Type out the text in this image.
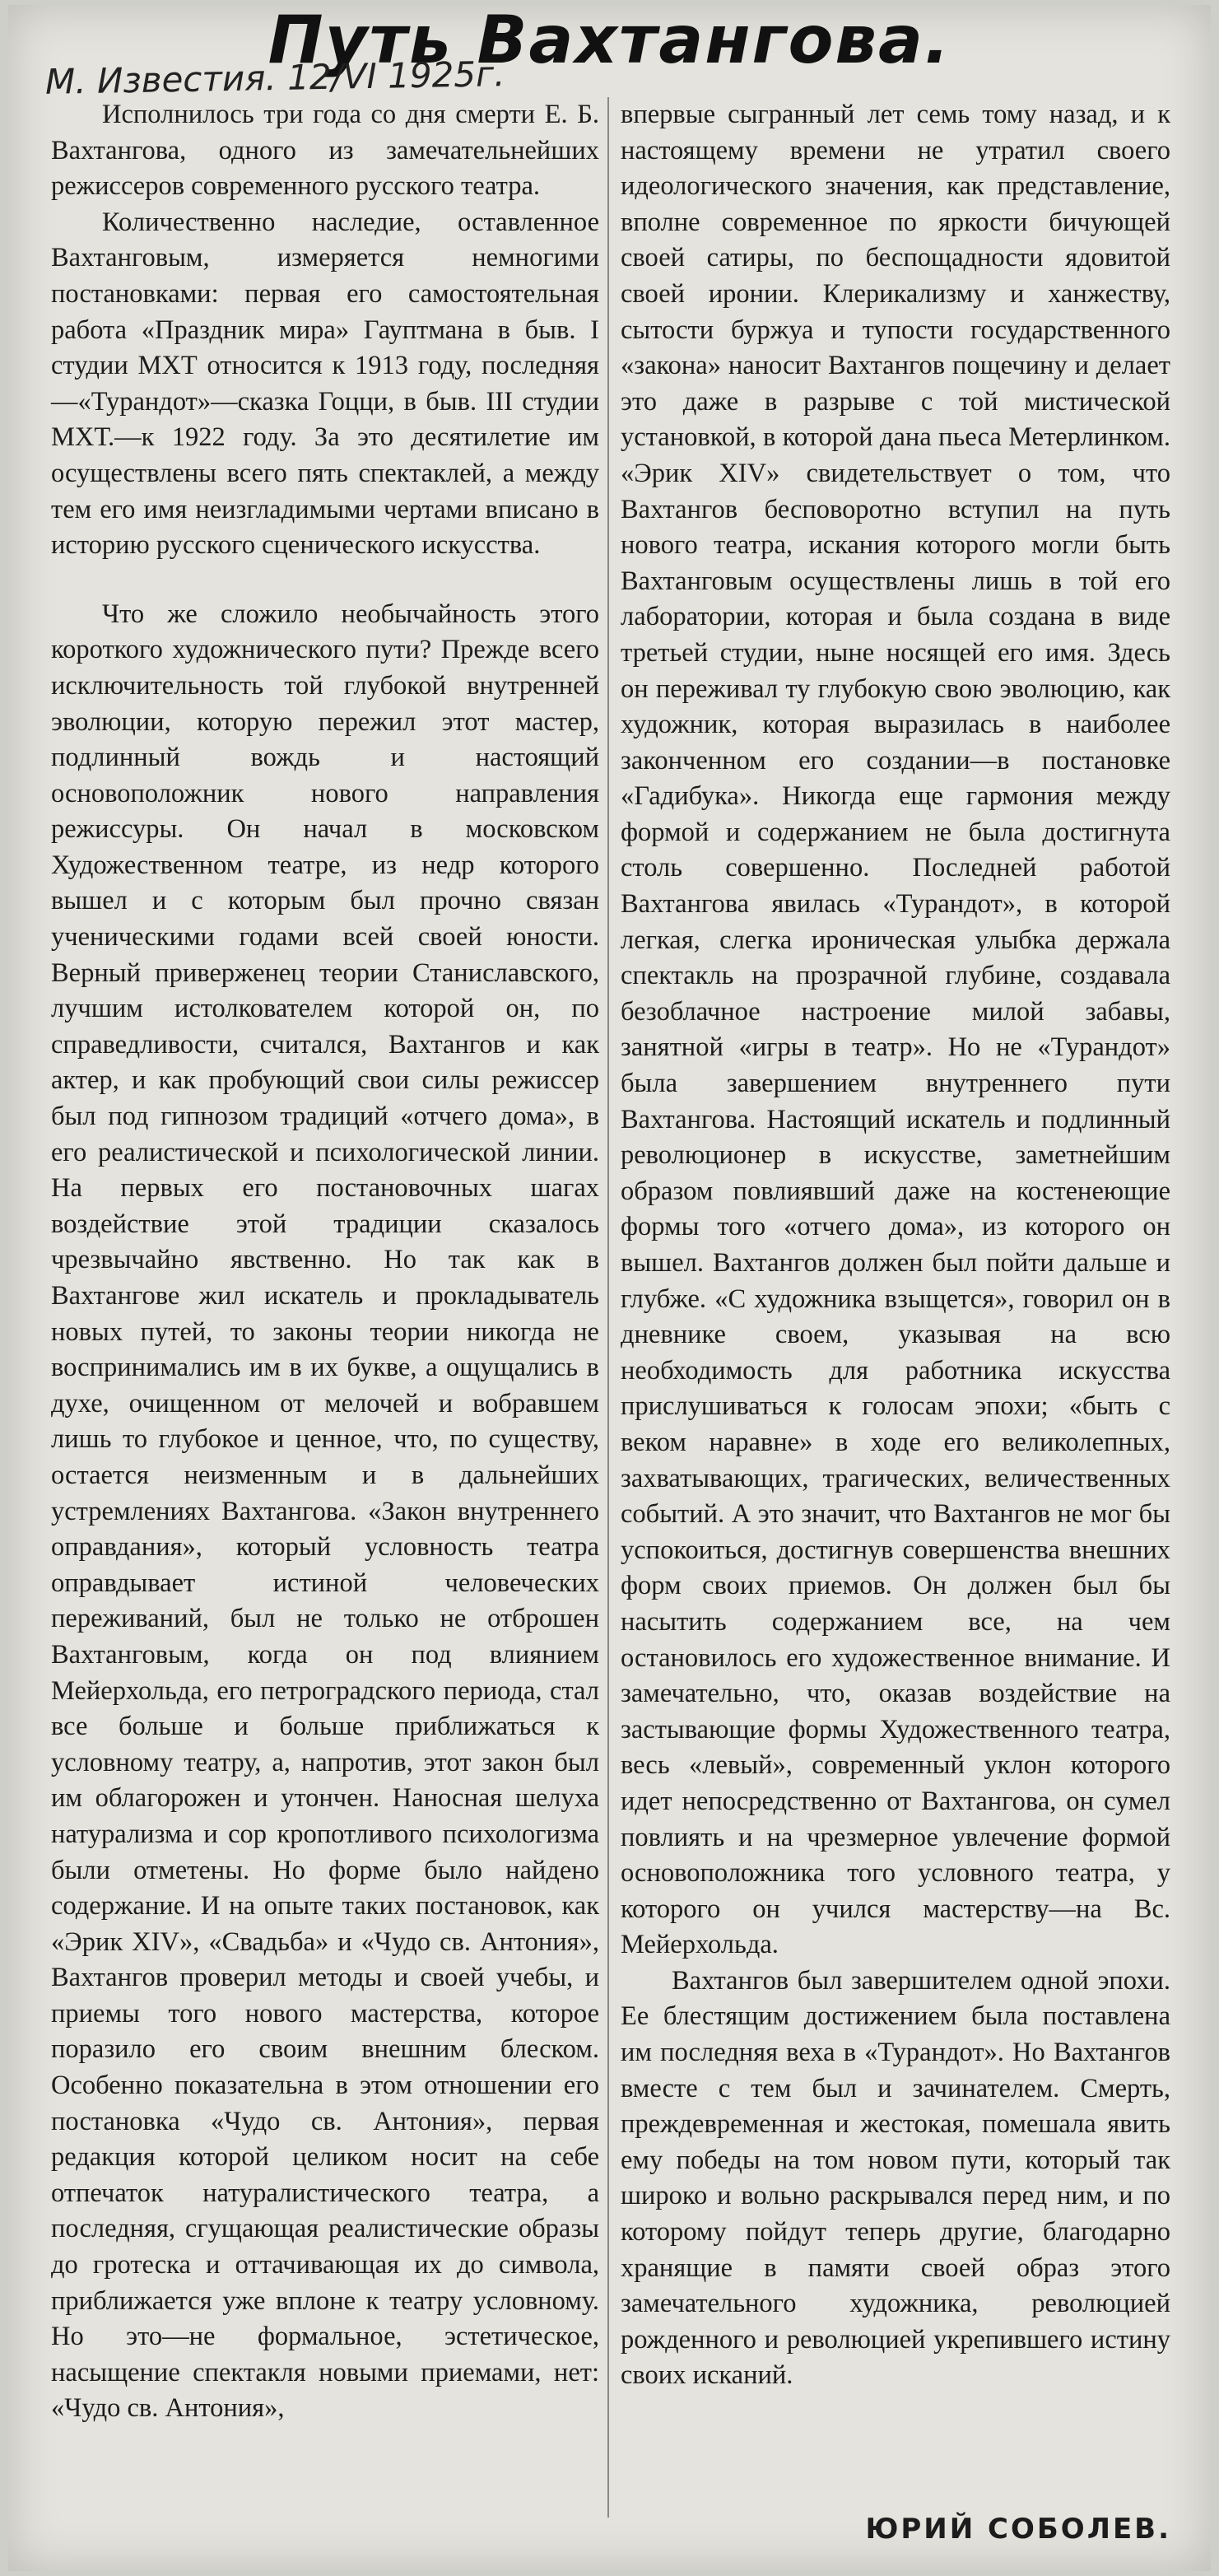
Путь Вахтангова.
М. Известия. 12/VI 1925г.

Исполнилось три года со дня смерти Е. Б. Вахтангова, одного из замечательнейших режиссеров современного русского театра.

Количественно наследие, оставленное Вахтанговым, измеряется немногими постановками: первая его самостоятельная работа «Праздник мира» Гауптмана в быв. I студии МХТ относится к 1913 году, последняя—«Турандот»—сказка Гоцци, в быв. III студии МХТ.—к 1922 году. За это десятилетие им осуществлены всего пять спектаклей, а между тем его имя неизгладимыми чертами вписано в историю русского сценического искусства.

Что же сложило необычайность этого короткого художнического пути? Прежде всего исключительность той глубокой внутренней эволюции, которую пережил этот мастер, подлинный вождь и настоящий основоположник нового направления режиссуры. Он начал в московском Художественном театре, из недр которого вышел и с которым был прочно связан ученическими годами всей своей юности. Верный приверженец теории Станиславского, лучшим истолкователем которой он, по справедливости, считался, Вахтангов и как актер, и как пробующий свои силы режиссер был под гипнозом традиций «отчего дома», в его реалистической и психологической линии. На первых его постановочных шагах воздействие этой традиции сказалось чрезвычайно явственно. Но так как в Вахтангове жил искатель и прокладыватель новых путей, то законы теории никогда не воспринимались им в их букве, а ощущались в духе, очищенном от мелочей и вобравшем лишь то глубокое и ценное, что, по существу, остается неизменным и в дальнейших устремлениях Вахтангова. «Закон внутреннего оправдания», который условность театра оправдывает истиной человеческих переживаний, был не только не отброшен Вахтанговым, когда он под влиянием Мейерхольда, его петроградского периода, стал все больше и больше приближаться к условному театру, а, напротив, этот закон был им облагорожен и утончен. Наносная шелуха натурализма и сор кропотливого психологизма были отметены. Но форме было найдено содержание. И на опыте таких постановок, как «Эрик XIV», «Свадьба» и «Чудо св. Антония», Вахтангов проверил методы и своей учебы, и приемы того нового мастерства, которое поразило его своим внешним блеском. Особенно показательна в этом отношении его постановка «Чудо св. Антония», первая редакция которой целиком носит на себе отпечаток натуралистического театра, а последняя, сгущающая реалистические образы до гротеска и оттачивающая их до символа, приближается уже вплоне к театру условному. Но это—не формальное, эстетическое, насыщение спектакля новыми приемами, нет: «Чудо св. Антония»,

впервые сыгранный лет семь тому назад, и к настоящему времени не утратил своего идеологического значения, как представление, вполне современное по яркости бичующей своей сатиры, по беспощадности ядовитой своей иронии. Клерикализму и ханжеству, сытости буржуа и тупости государственного «закона» наносит Вахтангов пощечину и делает это даже в разрыве с той мистической установкой, в которой дана пьеса Метерлинком. «Эрик XIV» свидетельствует о том, что Вахтангов бесповоротно вступил на путь нового театра, искания которого могли быть Вахтанговым осуществлены лишь в той его лаборатории, которая и была создана в виде третьей студии, ныне носящей его имя. Здесь он переживал ту глубокую свою эволюцию, как художник, которая выразилась в наиболее законченном его создании—в постановке «Гадибука». Никогда еще гармония между формой и содержанием не была достигнута столь совершенно. Последней работой Вахтангова явилась «Турандот», в которой легкая, слегка ироническая улыбка держала спектакль на прозрачной глубине, создавала безоблачное настроение милой забавы, занятной «игры в театр». Но не «Турандот» была завершением внутреннего пути Вахтангова. Настоящий искатель и подлинный революционер в искусстве, заметнейшим образом повлиявший даже на костенеющие формы того «отчего дома», из которого он вышел. Вахтангов должен был пойти дальше и глубже. «С художника взыщется», говорил он в дневнике своем, указывая на всю необходимость для работника искусства прислушиваться к голосам эпохи; «быть с веком наравне» в ходе его великолепных, захватывающих, трагических, величественных событий. А это значит, что Вахтангов не мог бы успокоиться, достигнув совершенства внешних форм своих приемов. Он должен был бы насытить содержанием все, на чем остановилось его художественное внимание. И замечательно, что, оказав воздействие на застывающие формы Художественного театра, весь «левый», современный уклон которого идет непосредственно от Вахтангова, он сумел повлиять и на чрезмерное увлечение формой основоположника того условного театра, у которого он учился мастерству—на Вс. Мейерхольда.

Вахтангов был завершителем одной эпохи. Ее блестящим достижением была поставлена им последняя веха в «Турандот». Но Вахтангов вместе с тем был и зачинателем. Смерть, преждевременная и жестокая, помешала явить ему победы на том новом пути, который так широко и вольно раскрывался перед ним, и по которому пойдут теперь другие, благодарно хранящие в памяти своей образ этого замечательного художника, революцией рожденного и революцией укрепившего истину своих исканий.

ЮРИЙ СОБОЛЕВ.
